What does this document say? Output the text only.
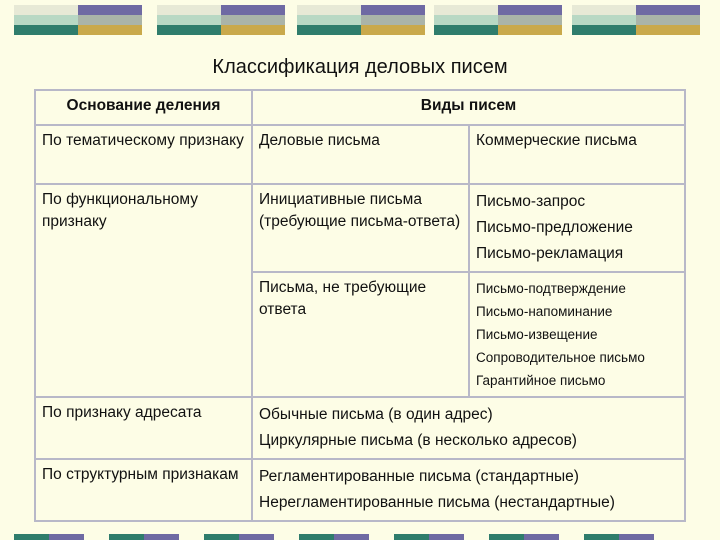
Классификация деловых писем
Основание деления	Виды писем	
По тематическому признаку	Деловые письма	Коммерческие письма
По функциональному признаку	Инициативные письма (требующие письма-ответа)	Письмо-запрос
Письмо-предложение
Письмо-рекламация

	Письма, не требующие ответа	Письмо-подтверждение
Письмо-напоминание
Письмо-извещение
Сопроводительное письмо
Гарантийное письмо

По признаку адресата	Обычные письма (в один адрес)
Циркулярные письма (в несколько адресов)	

По структурным признакам	Регламентированные письма (стандартные)
Нерегламентированные письма (нестандартные)	
